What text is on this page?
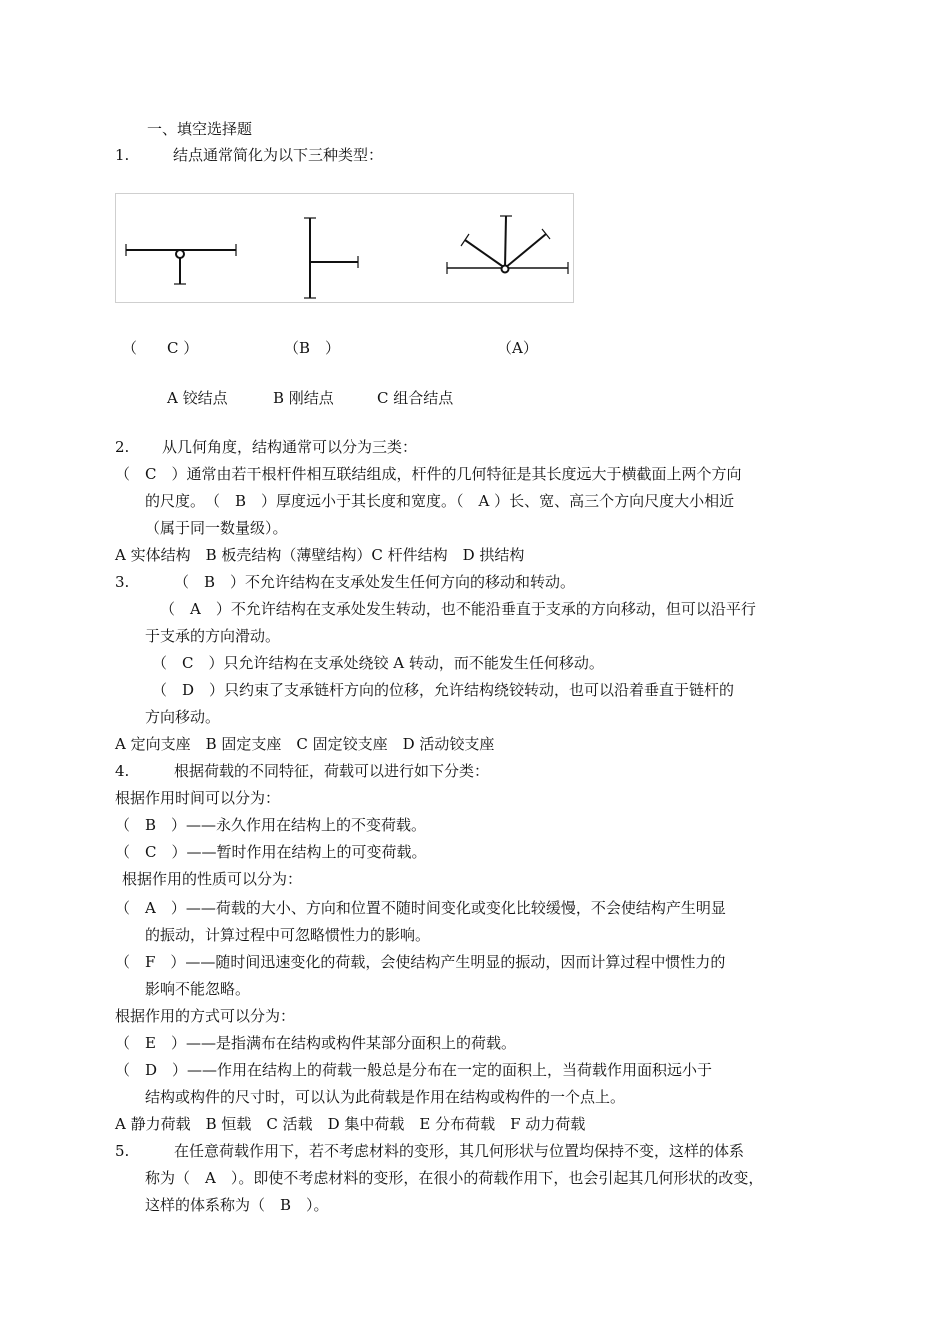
一、填空选择题
1.	结点通常简化为以下三种类型：
（　　C ）	（B　）	（A）
A 铰结点	B 刚结点	C 组合结点
2. 从几何角度，结构通常可以分为三类：
（　C　）通常由若干根杆件相互联结组成，杆件的几何特征是其长度远大于横截面上两个方向
的尺度。　（　B　）厚度远小于其长度和宽度。（　A ）长、宽、高三个方向尺度大小相近
（属于同一数量级）。
A 实体结构　B 板壳结构（薄壁结构）C 杆件结构　D 拱结构
3.	（　B　）不允许结构在支承处发生任何方向的移动和转动。
（　A　）不允许结构在支承处发生转动，也不能沿垂直于支承的方向移动，但可以沿平行
于支承的方向滑动。
（　C　）只允许结构在支承处绕铰 A 转动，而不能发生任何移动。
（　D　）只约束了支承链杆方向的位移，允许结构绕铰转动，也可以沿着垂直于链杆的
方向移动。
A 定向支座　B 固定支座　C 固定铰支座　D 活动铰支座
4.	根据荷载的不同特征，荷载可以进行如下分类：
根据作用时间可以分为：
（　B　）——永久作用在结构上的不变荷载。
（　C　）——暂时作用在结构上的可变荷载。
根据作用的性质可以分为：
（　A　）——荷载的大小、方向和位置不随时间变化或变化比较缓慢，不会使结构产生明显
的振动，计算过程中可忽略惯性力的影响。
（　F　）——随时间迅速变化的荷载，会使结构产生明显的振动，因而计算过程中惯性力的
影响不能忽略。
根据作用的方式可以分为：
（　E　）——是指满布在结构或构件某部分面积上的荷载。
（　D　）——作用在结构上的荷载一般总是分布在一定的面积上，当荷载作用面积远小于
结构或构件的尺寸时，可以认为此荷载是作用在结构或构件的一个点上。
A 静力荷载　B 恒载　C 活载　D 集中荷载　E 分布荷载　F 动力荷载
5.	在任意荷载作用下，若不考虑材料的变形，其几何形状与位置均保持不变，这样的体系
称为（　A　）。即使不考虑材料的变形，在很小的荷载作用下，也会引起其几何形状的改变，
这样的体系称为（　B　）。
